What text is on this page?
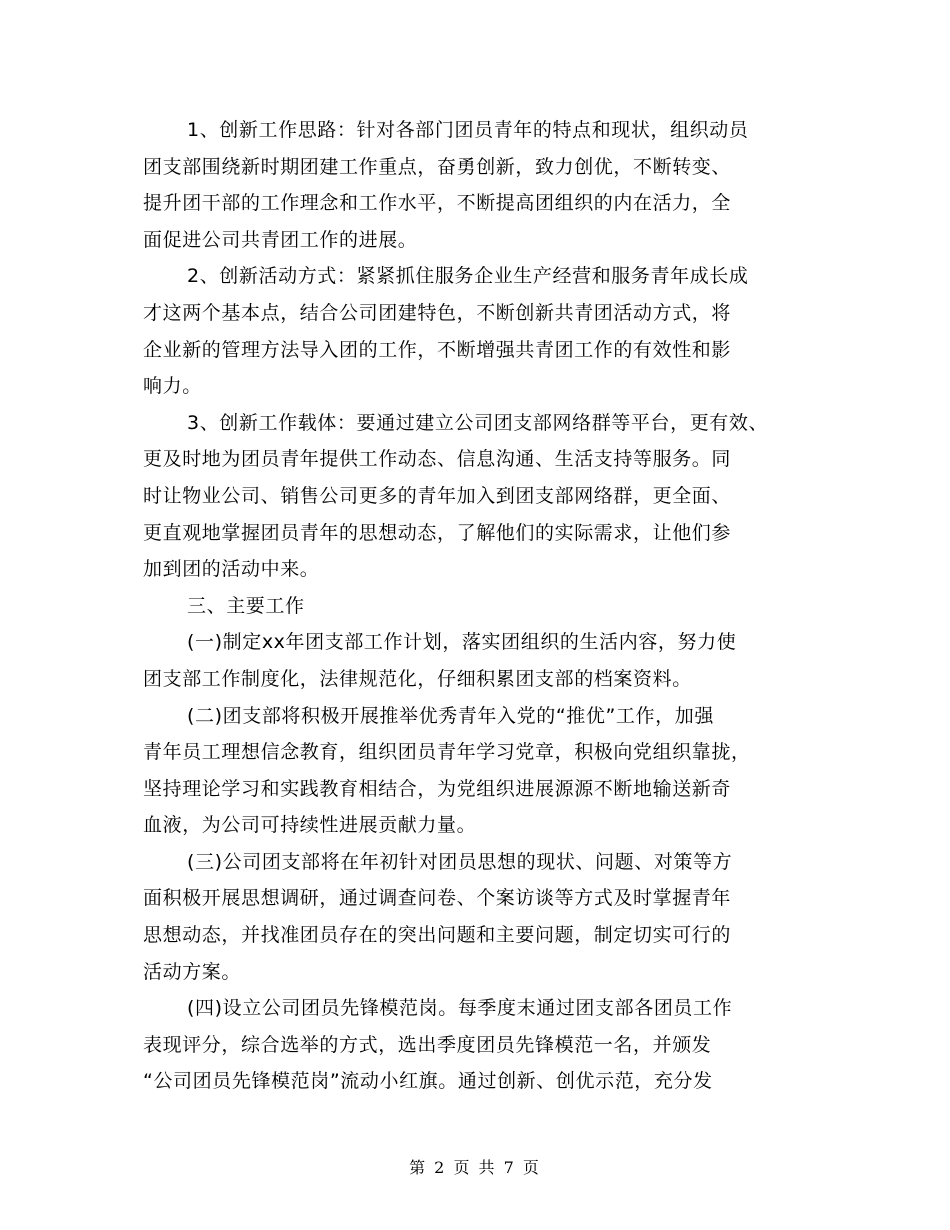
1、创新工作思路：针对各部门团员青年的特点和现状，组织动员
团支部围绕新时期团建工作重点，奋勇创新，致力创优，不断转变、
提升团干部的工作理念和工作水平，不断提高团组织的内在活力，全
面促进公司共青团工作的进展。
2、创新活动方式：紧紧抓住服务企业生产经营和服务青年成长成
才这两个基本点，结合公司团建特色，不断创新共青团活动方式，将
企业新的管理方法导入团的工作，不断增强共青团工作的有效性和影
响力。
3、创新工作载体：要通过建立公司团支部网络群等平台，更有效、
更及时地为团员青年提供工作动态、信息沟通、生活支持等服务。同
时让物业公司、销售公司更多的青年加入到团支部网络群，更全面、
更直观地掌握团员青年的思想动态，了解他们的实际需求，让他们参
加到团的活动中来。
三、主要工作
(一)制定xx年团支部工作计划，落实团组织的生活内容，努力使
团支部工作制度化，法律规范化，仔细积累团支部的档案资料。
(二)团支部将积极开展推举优秀青年入党的“推优”工作，加强
青年员工理想信念教育，组织团员青年学习党章，积极向党组织靠拢，
坚持理论学习和实践教育相结合，为党组织进展源源不断地输送新奇
血液，为公司可持续性进展贡献力量。
(三)公司团支部将在年初针对团员思想的现状、问题、对策等方
面积极开展思想调研，通过调查问卷、个案访谈等方式及时掌握青年
思想动态，并找准团员存在的突出问题和主要问题，制定切实可行的
活动方案。
(四)设立公司团员先锋模范岗。每季度末通过团支部各团员工作
表现评分，综合选举的方式，选出季度团员先锋模范一名，并颁发
“公司团员先锋模范岗”流动小红旗。通过创新、创优示范，充分发
第 2 页 共 7 页
